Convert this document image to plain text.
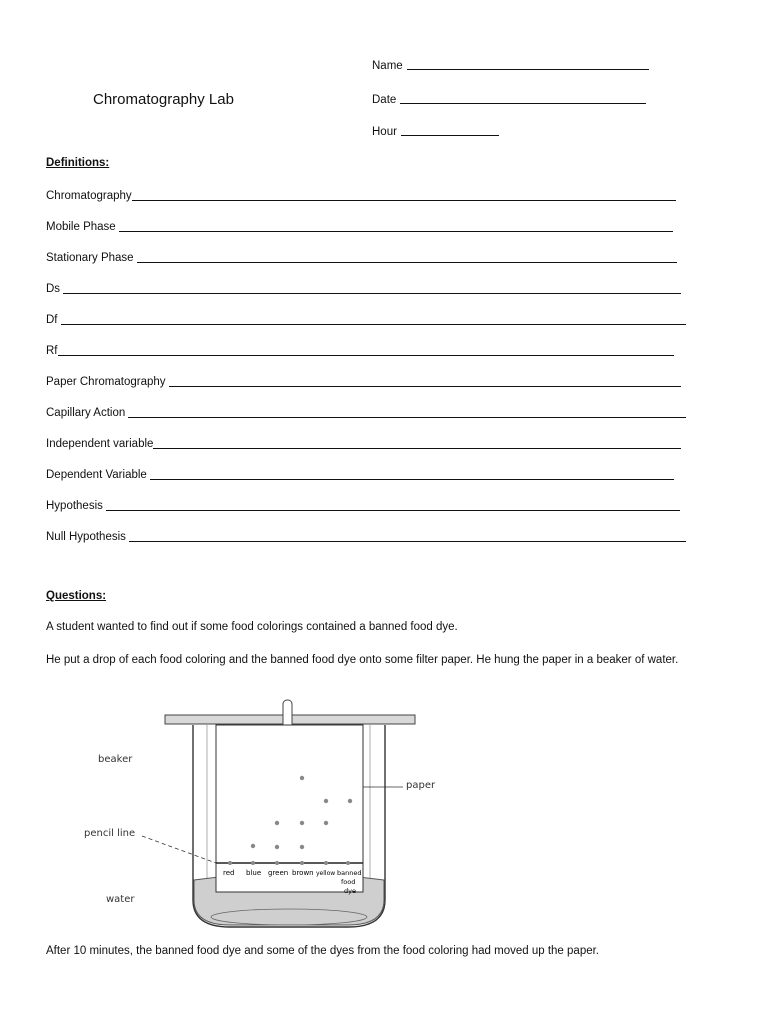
Chromatography Lab
Name
Date
Hour
Definitions:
Chromatography
Mobile Phase
Stationary Phase
Ds
Df
Rf
Paper Chromatography
Capillary Action
Independent variable
Dependent Variable
Hypothesis
Null Hypothesis
Questions:
A student wanted to find out if some food colorings contained a banned food dye.
He put a drop of each food coloring and the banned food dye onto some filter paper. He hung the paper in a beaker of water.
red blue green brown yellow banned
food
dye
beaker
paper
pencil line
water
After 10 minutes, the banned food dye and some of the dyes from the food coloring had moved up the paper.
